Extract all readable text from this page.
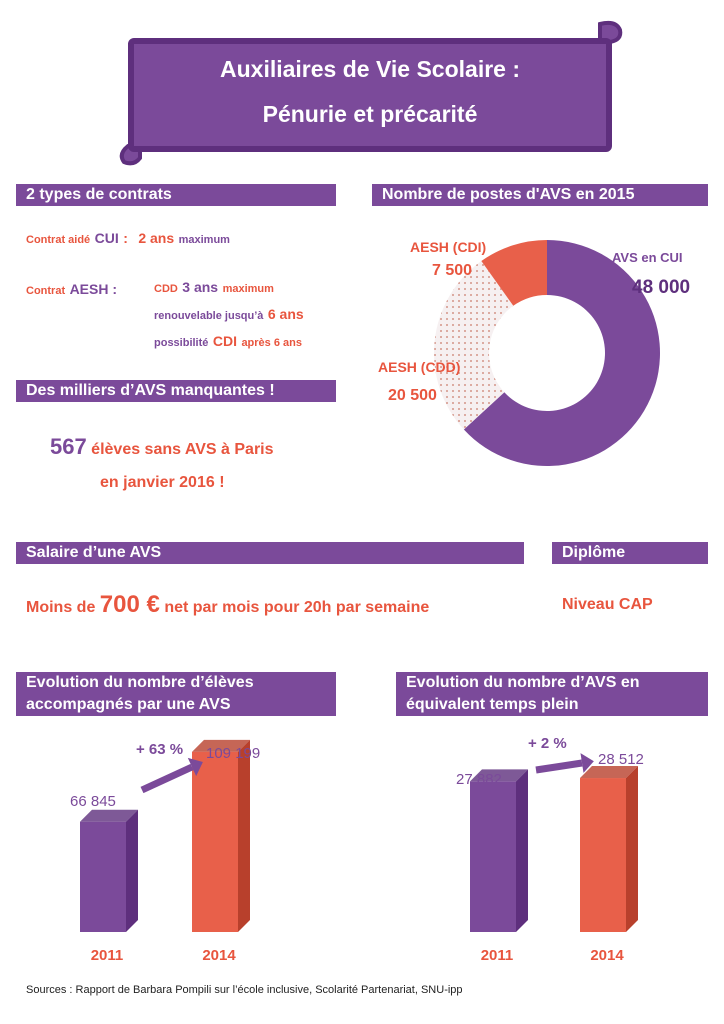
Auxiliaires de Vie Scolaire :
Pénurie et précarité
2 types de contrats
Contrat aidé CUI : 2 ans maximum
Contrat AESH :	CDD 3 ans maximum
renouvelable jusqu’à 6 ans
possibilité CDI après 6 ans
Des milliers d’AVS manquantes !
567 élèves sans AVS à Paris
en janvier 2016 !
Nombre de postes d'AVS en 2015
AVS en CUI
48 000
AESH (CDI)
7 500
AESH (CDD)
20 500
Salaire d’une AVS
Moins de 700 € net par mois pour 20h par semaine
Diplôme
Niveau CAP
Evolution du nombre d’élèves accompagnés par une AVS
Evolution du nombre d’AVS en équivalent temps plein
2011
66 845
2014
109 199
+ 63 %
2011
27 882
2014
28 512
+ 2 %
Sources : Rapport de Barbara Pompili sur l’école inclusive, Scolarité Partenariat, SNU-ipp
